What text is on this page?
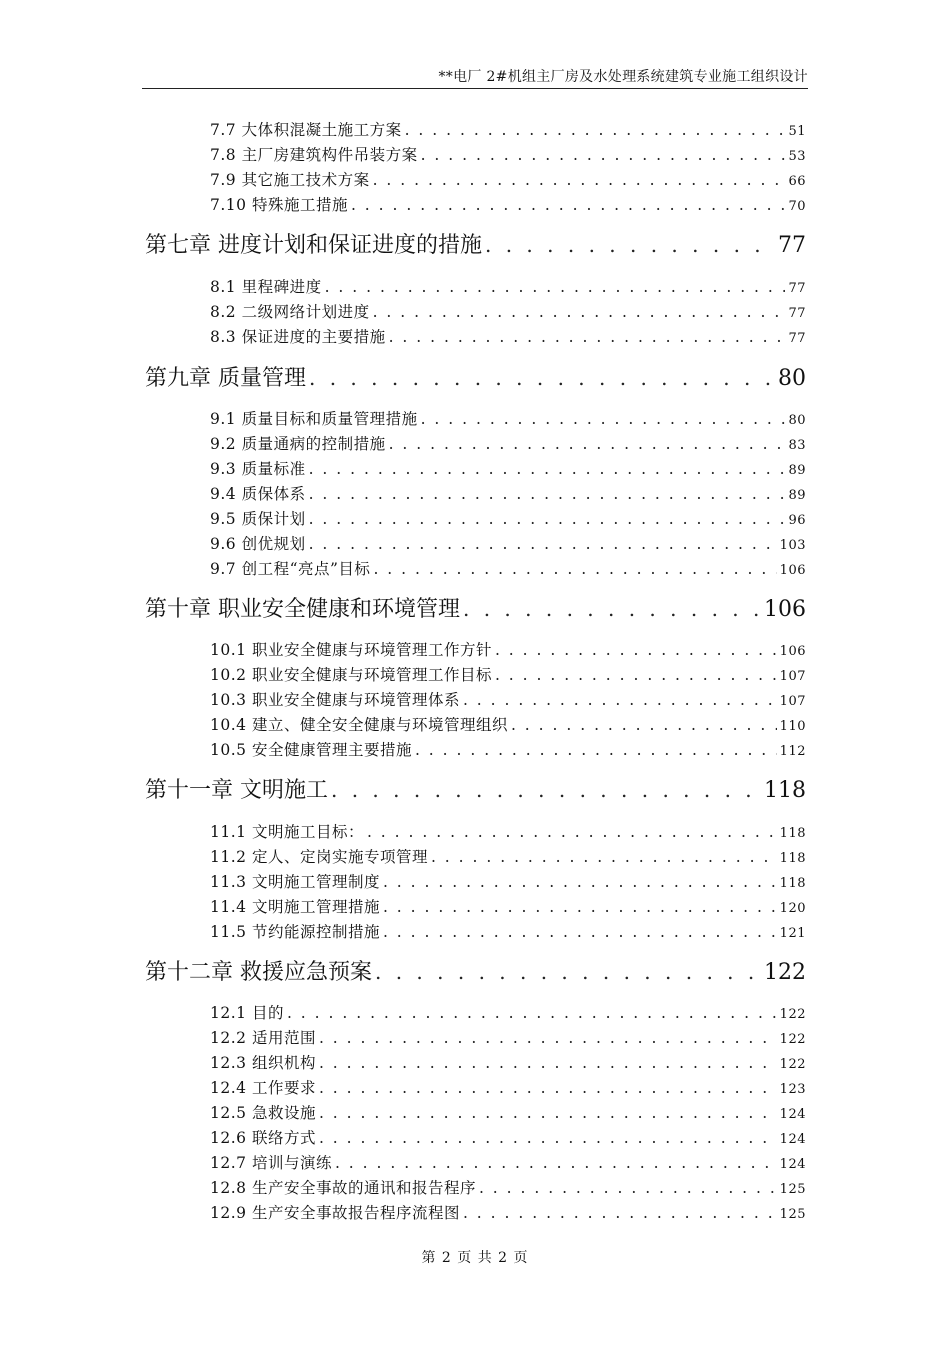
**电厂 2#机组主厂房及水处理系统建筑专业施工组织设计
7.7 大体积混凝土施工方案 . . .	51
7.8 主厂房建筑构件吊装方案 . . .	53
7.9 其它施工技术方案 . . .	66
7.10 特殊施工措施 . . .	70
第七章 进度计划和保证进度的措施 . . .	77
8.1 里程碑进度 . . .	77
8.2 二级网络计划进度 . . .	77
8.3 保证进度的主要措施 . . .	77
第九章 质量管理 . . .	80
9.1 质量目标和质量管理措施 . . .	80
9.2 质量通病的控制措施 . . .	83
9.3 质量标准 . . .	89
9.4 质保体系 . . .	89
9.5 质保计划 . . .	96
9.6 创优规划 . . .	103
9.7 创工程“亮点”目标 . . .	106
第十章 职业安全健康和环境管理 . . .	106
10.1 职业安全健康与环境管理工作方针 . . .	106
10.2 职业安全健康与环境管理工作目标 . . .	107
10.3 职业安全健康与环境管理体系 . . .	107
10.4 建立、健全安全健康与环境管理组织 . . .	110
10.5 安全健康管理主要措施 . . .	112
第十一章 文明施工 . . .	118
11.1 文明施工目标： . . .	118
11.2 定人、定岗实施专项管理 . . .	118
11.3 文明施工管理制度 . . .	118
11.4 文明施工管理措施 . . .	120
11.5 节约能源控制措施 . . .	121
第十二章 救援应急预案 . . .	122
12.1 目的 . . .	122
12.2 适用范围 . . .	122
12.3 组织机构 . . .	122
12.4 工作要求 . . .	123
12.5 急救设施 . . .	124
12.6 联络方式 . . .	124
12.7 培训与演练 . . .	124
12.8 生产安全事故的通讯和报告程序 . . .	125
12.9 生产安全事故报告程序流程图 . . .	125
第 2 页 共 2 页
